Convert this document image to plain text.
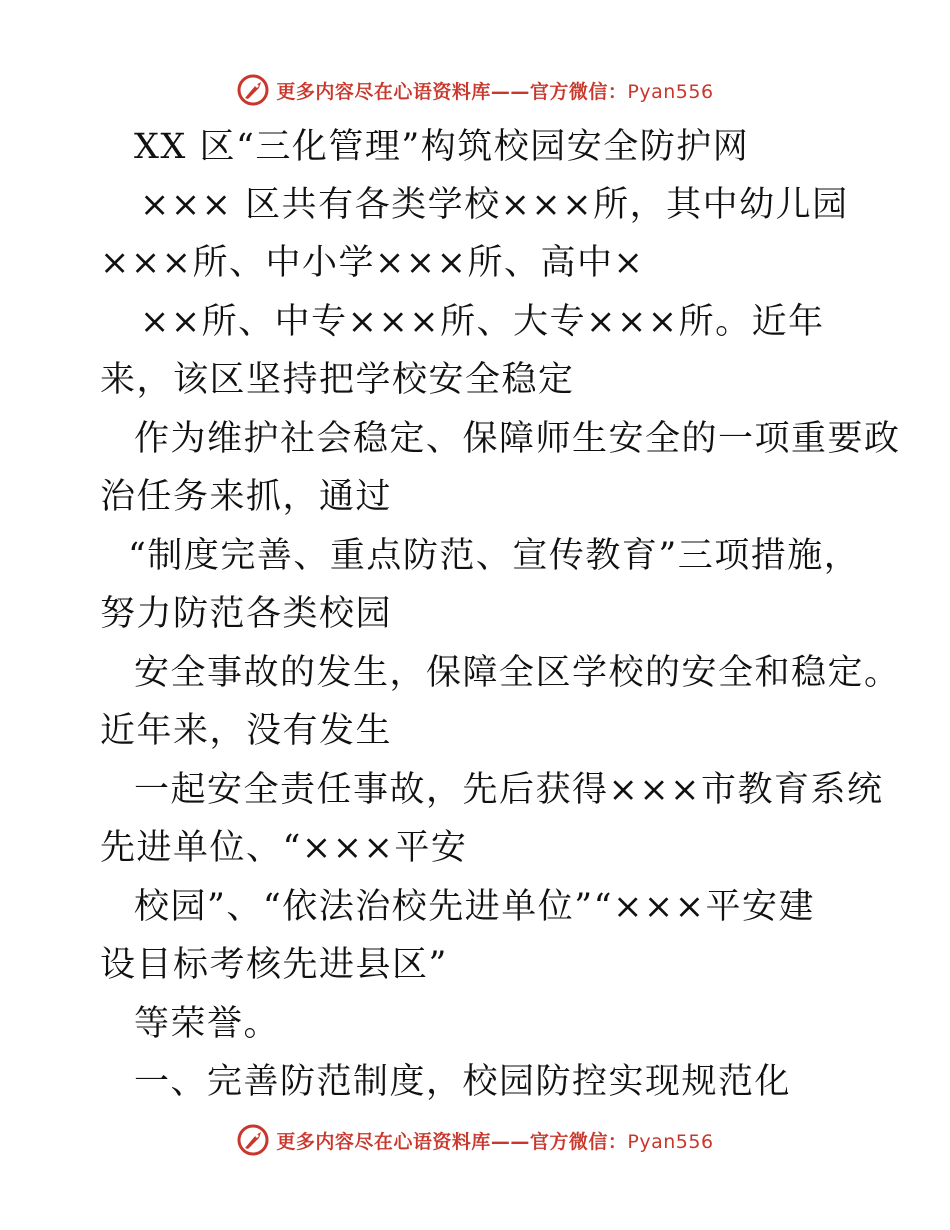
更多内容尽在心语资料库——官方微信：Pyan556
XX 区“三化管理”构筑校园安全防护网
××× 区共有各类学校×××所，其中幼儿园
×××所、中小学×××所、高中×
××所、中专×××所、大专×××所。近年
来，该区坚持把学校安全稳定
作为维护社会稳定、保障师生安全的一项重要政
治任务来抓，通过
“制度完善、重点防范、宣传教育”三项措施，
努力防范各类校园
安全事故的发生，保障全区学校的安全和稳定。
近年来，没有发生
一起安全责任事故，先后获得×××市教育系统
先进单位、“×××平安
校园”、“依法治校先进单位”“×××平安建
设目标考核先进县区”
等荣誉。
一、完善防范制度，校园防控实现规范化
更多内容尽在心语资料库——官方微信：Pyan556
